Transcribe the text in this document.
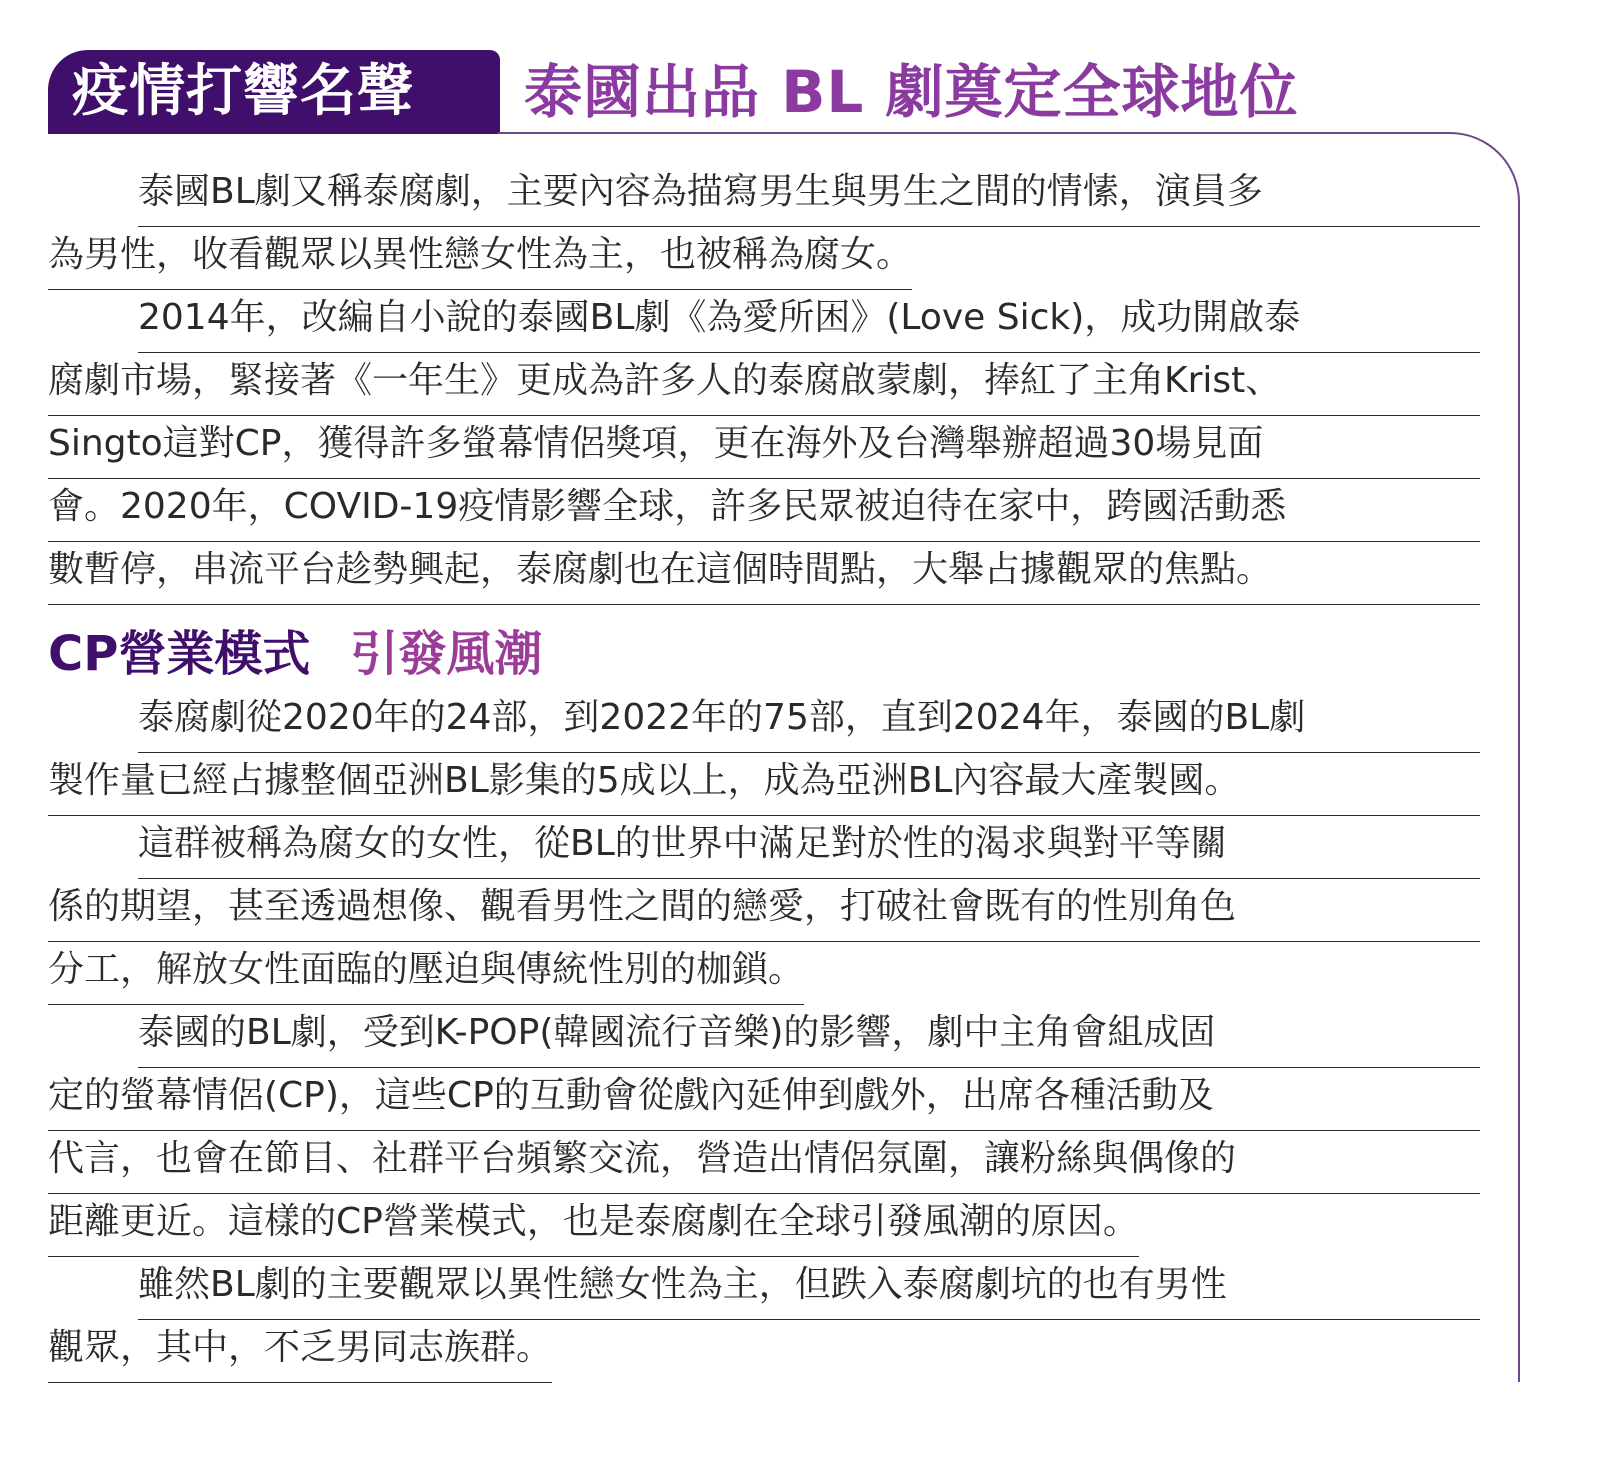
疫情打響名聲 泰國出品 BL 劇奠定全球地位
泰國BL劇又稱泰腐劇，主要內容為描寫男生與男生之間的情愫，演員多
為男性，收看觀眾以異性戀女性為主，也被稱為腐女。
2014年，改編自小說的泰國BL劇《為愛所困》(Love Sick)，成功開啟泰
腐劇市場，緊接著《一年生》更成為許多人的泰腐啟蒙劇，捧紅了主角Krist、
Singto這對CP，獲得許多螢幕情侶獎項，更在海外及台灣舉辦超過30場見面
會。2020年，COVID-19疫情影響全球，許多民眾被迫待在家中，跨國活動悉
數暫停，串流平台趁勢興起，泰腐劇也在這個時間點，大舉占據觀眾的焦點。
CP營業模式 引發風潮
泰腐劇從2020年的24部，到2022年的75部，直到2024年，泰國的BL劇
製作量已經占據整個亞洲BL影集的5成以上，成為亞洲BL內容最大產製國。
這群被稱為腐女的女性，從BL的世界中滿足對於性的渴求與對平等關
係的期望，甚至透過想像、觀看男性之間的戀愛，打破社會既有的性別角色
分工，解放女性面臨的壓迫與傳統性別的枷鎖。
泰國的BL劇，受到K-POP(韓國流行音樂)的影響，劇中主角會組成固
定的螢幕情侶(CP)，這些CP的互動會從戲內延伸到戲外，出席各種活動及
代言，也會在節目、社群平台頻繁交流，營造出情侶氛圍，讓粉絲與偶像的
距離更近。這樣的CP營業模式，也是泰腐劇在全球引發風潮的原因。
雖然BL劇的主要觀眾以異性戀女性為主，但跌入泰腐劇坑的也有男性
觀眾，其中，不乏男同志族群。
